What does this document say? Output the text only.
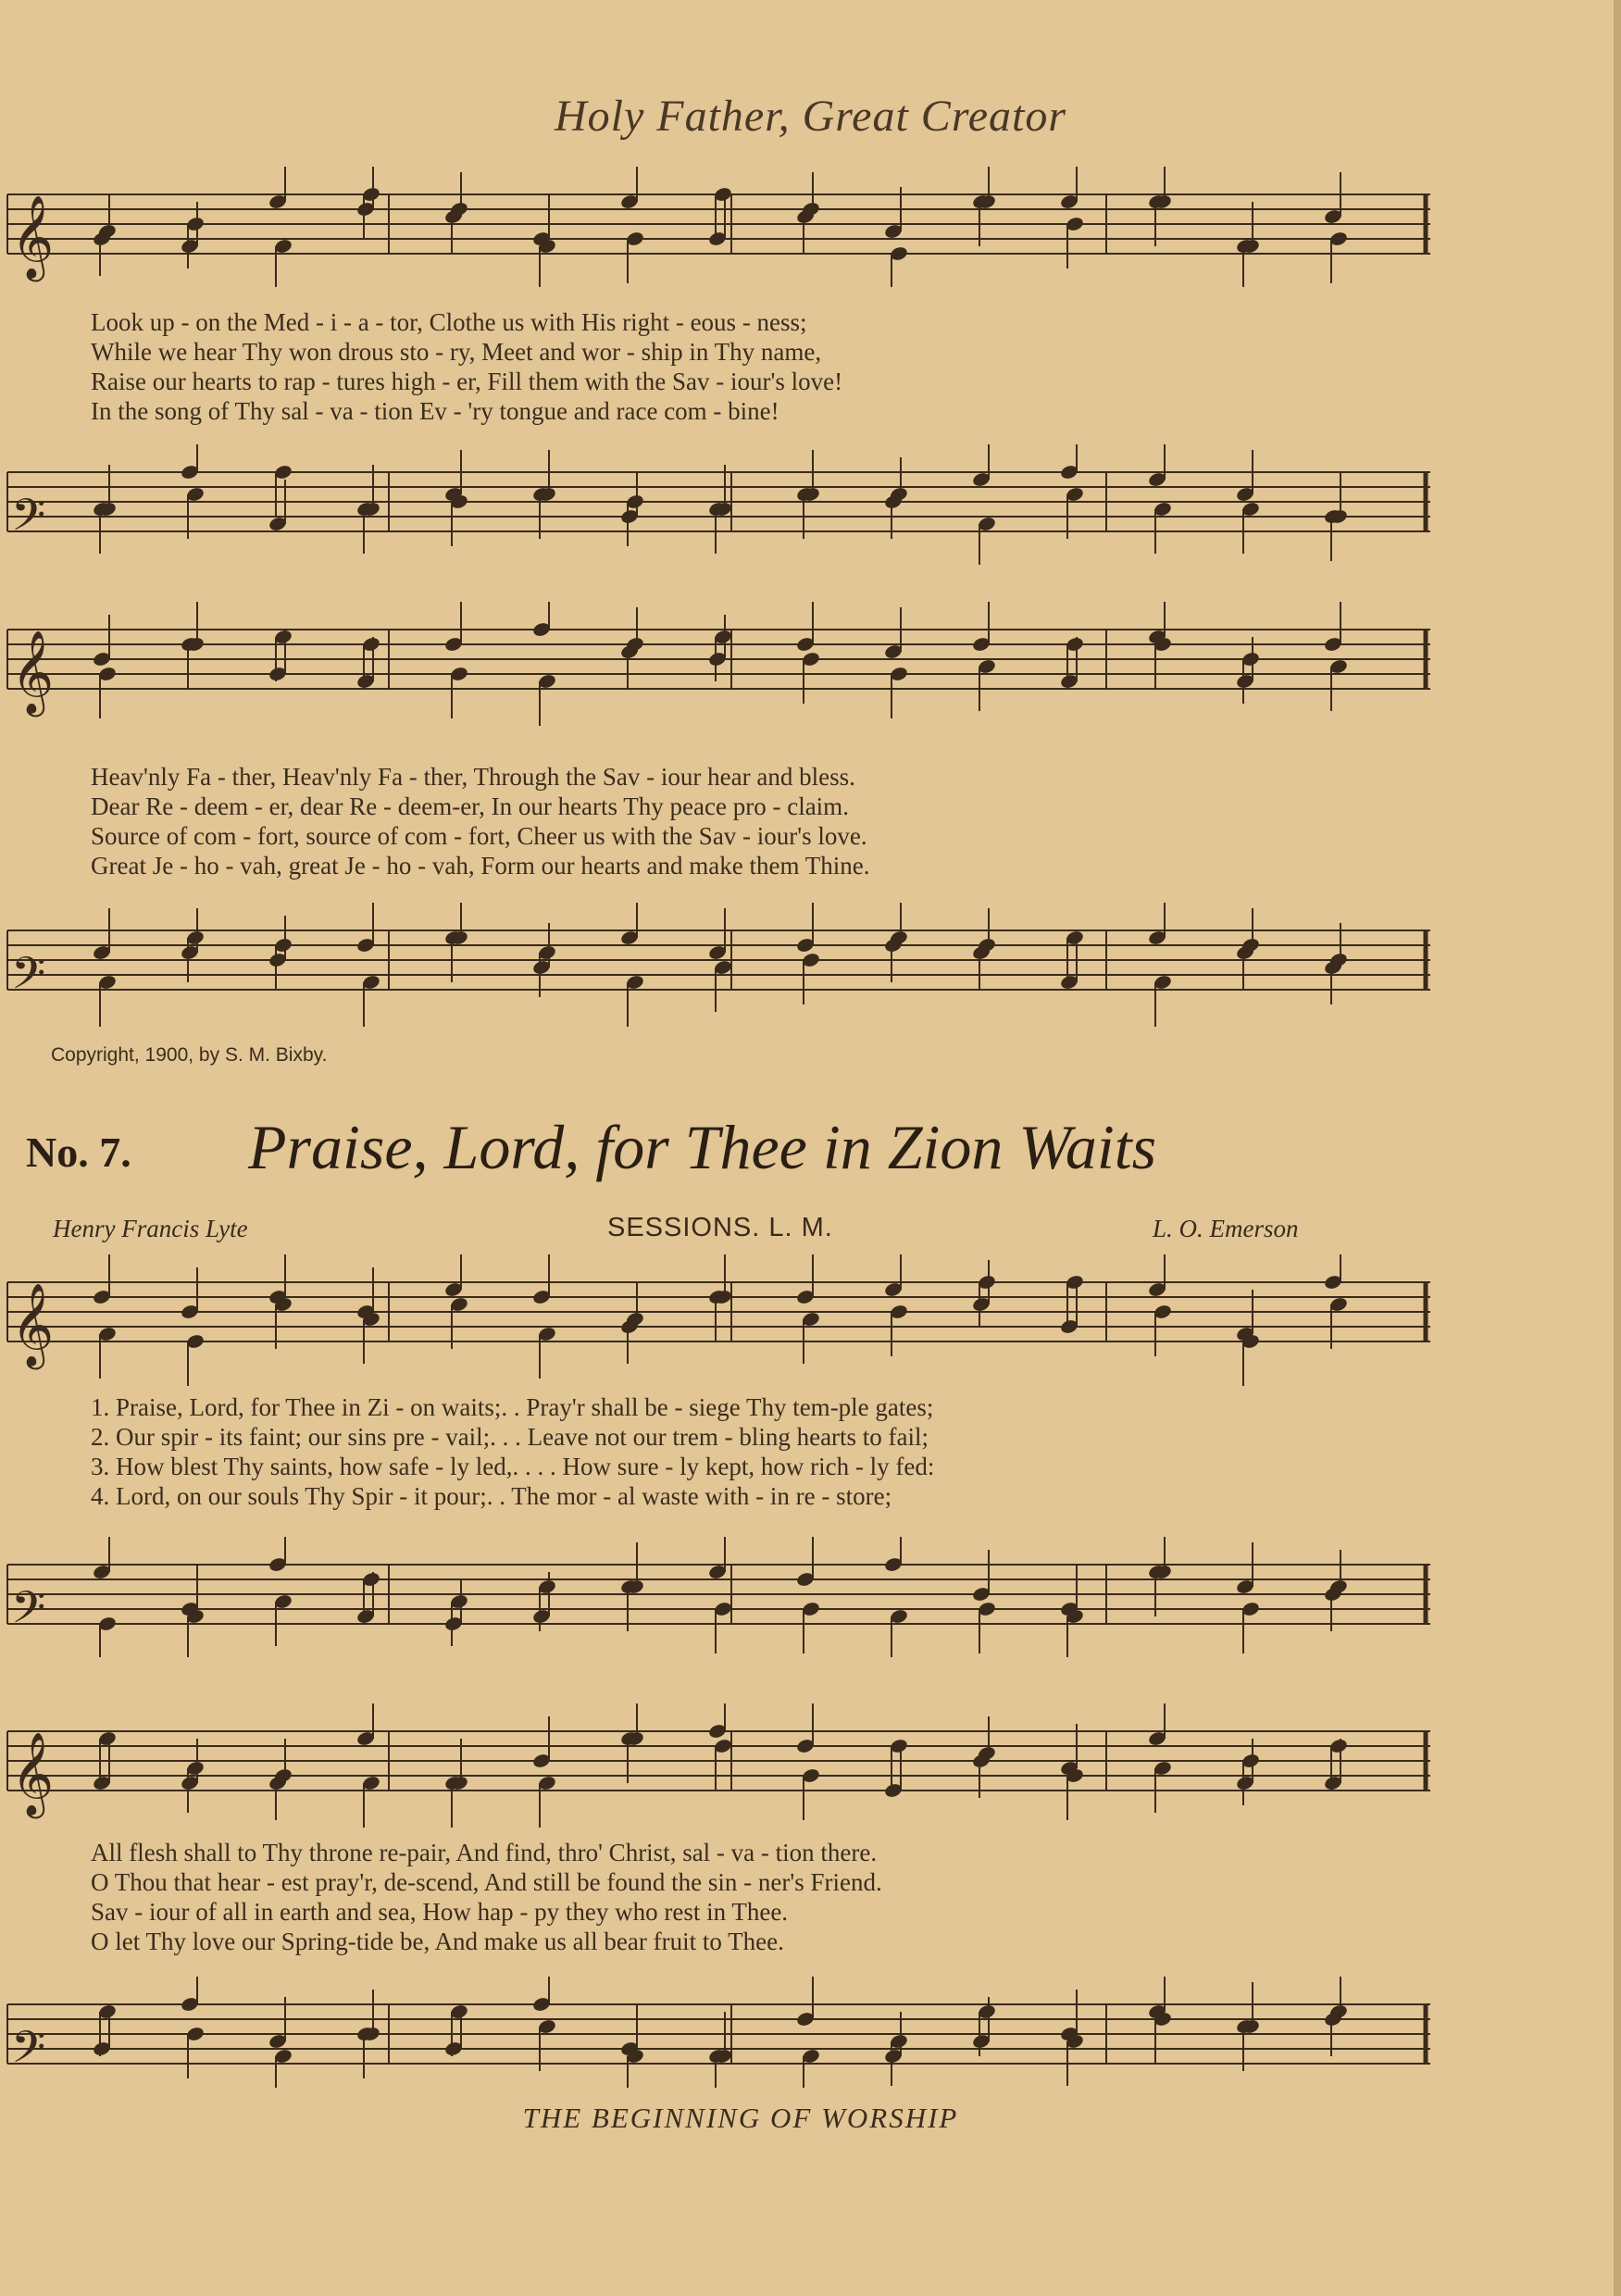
Holy Father, Great Creator
𝄞
Look up - on the Med - i - a - tor, Clothe us with His right - eous - ness;
While we hear Thy won drous sto - ry, Meet and wor - ship in Thy name,
Raise our hearts to rap - tures high - er, Fill them with the Sav - iour's love!
In the song of Thy sal - va - tion Ev - 'ry tongue and race com - bine!
𝄢
𝄞
Heav'nly Fa - ther, Heav'nly Fa - ther, Through the Sav - iour hear and bless.
Dear Re - deem - er, dear Re - deem-er, In our hearts Thy peace pro - claim.
Source of com - fort, source of com - fort, Cheer us with the Sav - iour's love.
Great Je - ho - vah, great Je - ho - vah, Form our hearts and make them Thine.
𝄢
Copyright, 1900, by S. M. Bixby.
No. 7. Praise, Lord, for Thee in Zion Waits
Henry Francis Lyte	SESSIONS. L. M.	L. O. Emerson
𝄞
1. Praise, Lord, for Thee in Zi - on waits;. . Pray'r shall be - siege Thy tem-ple gates;
2. Our spir - its faint; our sins pre - vail;. . . Leave not our trem - bling hearts to fail;
3. How blest Thy saints, how safe - ly led,. . . . How sure - ly kept, how rich - ly fed:
4. Lord, on our souls Thy Spir - it pour;. . The mor - al waste with - in re - store;
𝄢
𝄞
All flesh shall to Thy throne re-pair, And find, thro' Christ, sal - va - tion there.
O Thou that hear - est pray'r, de-scend, And still be found the sin - ner's Friend.
Sav - iour of all in earth and sea, How hap - py they who rest in Thee.
O let Thy love our Spring-tide be, And make us all bear fruit to Thee.
𝄢
THE BEGINNING OF WORSHIP
